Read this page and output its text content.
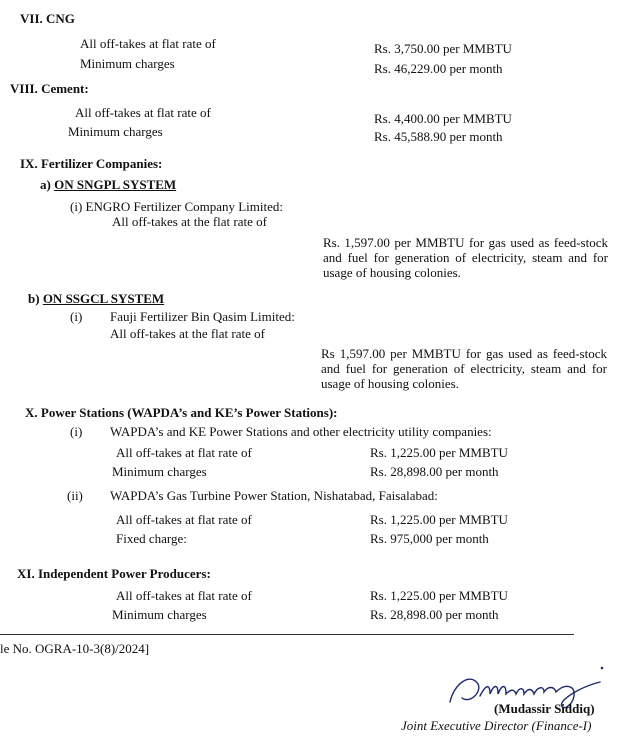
VII. CNG
All off-takes at flat rate of
Minimum charges
Rs. 3,750.00 per MMBTU
Rs. 46,229.00 per month
VIII. Cement:
All off-takes at flat rate of
Minimum charges
Rs. 4,400.00 per MMBTU
Rs. 45,588.90 per month
IX. Fertilizer Companies:
a) ON SNGPL SYSTEM
(i) ENGRO Fertilizer Company Limited:
All off-takes at the flat rate of
Rs. 1,597.00 per MMBTU for gas used as feed-stock and fuel for generation of electricity, steam and for usage of housing colonies.
b) ON SSGCL SYSTEM
(i) Fauji Fertilizer Bin Qasim Limited:
All off-takes at the flat rate of
Rs 1,597.00 per MMBTU for gas used as feed-stock and fuel for generation of electricity, steam and for usage of housing colonies.
X. Power Stations (WAPDA’s and KE’s Power Stations):
(i) WAPDA’s and KE Power Stations and other electricity utility companies:
All off-takes at flat rate of
Minimum charges
Rs. 1,225.00 per MMBTU
Rs. 28,898.00 per month
(ii) WAPDA’s Gas Turbine Power Station, Nishatabad, Faisalabad:
All off-takes at flat rate of
Fixed charge:
Rs. 1,225.00 per MMBTU
Rs. 975,000 per month
XI. Independent Power Producers:
All off-takes at flat rate of
Minimum charges
Rs. 1,225.00 per MMBTU
Rs. 28,898.00 per month
le No. OGRA-10-3(8)/2024]
(Mudassir Siddiq)
Joint Executive Director (Finance-I)
